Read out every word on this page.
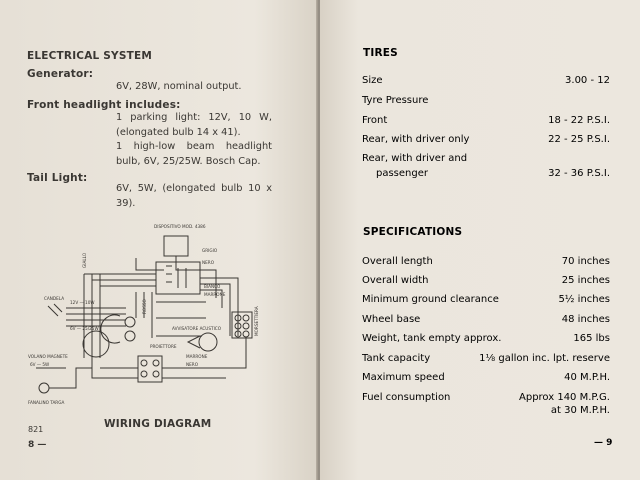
ELECTRICAL SYSTEM
Generator:
6V, 28W, nominal output.
Front headlight includes:
1 parking light: 12V, 10 W, (elongated bulb 14 x 41).
1 high-low beam headlight bulb, 6V, 25/25W. Bosch Cap.
Tail Light:
6V, 5W, (elongated bulb 10 x 39).
DISPOSITIVO MOD. 4386
GRIGIO
NERO
BIANCO
MARRONE
GIALLO
ROSSO
AVVISATORE ACUSTICO	MORSETTIERA
PROIETTORE
CANDELA
VOLANO MAGNETE
FANALINO TARGA
12V — 10W
6V — 25/25W
6V — 5W
MARRONE
NERO
WIRING DIAGRAM
821
8 —
TIRES
Size	3.00 - 12
Tyre Pressure
Front	18 - 22 P.S.I.
Rear, with driver only	22 - 25 P.S.I.
Rear, with driver and
passenger	32 - 36 P.S.I.
SPECIFICATIONS
Overall length	70 inches
Overall width	25 inches
Minimum ground clearance	5½ inches
Wheel base	48 inches
Weight, tank empty approx.	165 lbs
Tank capacity	1⅛ gallon inc. lpt. reserve
Maximum speed	40 M.P.H.
Fuel consumption	Approx 140 M.P.G.
at 30 M.P.H.
— 9
